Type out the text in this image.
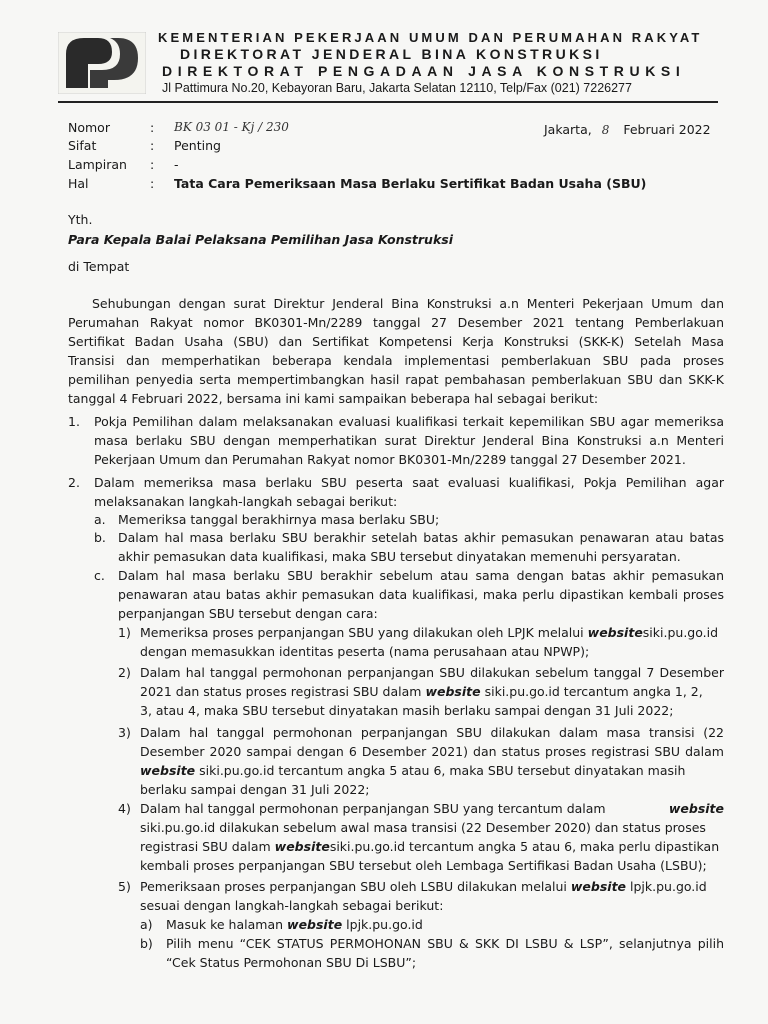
KEMENTERIAN PEKERJAAN UMUM DAN PERUMAHAN RAKYAT
DIREKTORAT JENDERAL BINA KONSTRUKSI
DIREKTORAT PENGADAAN JASA KONSTRUKSI
Jl Pattimura No.20, Kebayoran Baru, Jakarta Selatan 12110, Telp/Fax (021) 7226277
Nomor	: BK 03 01 - Kj / 230
Sifat	: Penting
Lampiran	: -
Hal	: Tata Cara Pemeriksaan Masa Berlaku Sertifikat Badan Usaha (SBU)
Jakarta, 8 Februari 2022
Yth.
Para Kepala Balai Pelaksana Pemilihan Jasa Konstruksi
di Tempat
Sehubungan dengan surat Direktur Jenderal Bina Konstruksi a.n Menteri Pekerjaan Umum dan
Perumahan Rakyat nomor BK0301-Mn/2289 tanggal 27 Desember 2021 tentang Pemberlakuan
Sertifikat Badan Usaha (SBU) dan Sertifikat Kompetensi Kerja Konstruksi (SKK-K) Setelah Masa
Transisi dan memperhatikan beberapa kendala implementasi pemberlakuan SBU pada proses
pemilihan penyedia serta mempertimbangkan hasil rapat pembahasan pemberlakuan SBU dan SKK-K
tanggal 4 Februari 2022, bersama ini kami sampaikan beberapa hal sebagai berikut:
1. Pokja Pemilihan dalam melaksanakan evaluasi kualifikasi terkait kepemilikan SBU agar memeriksa
masa berlaku SBU dengan memperhatikan surat Direktur Jenderal Bina Konstruksi a.n Menteri
Pekerjaan Umum dan Perumahan Rakyat nomor BK0301-Mn/2289 tanggal 27 Desember 2021.
2. Dalam memeriksa masa berlaku SBU peserta saat evaluasi kualifikasi, Pokja Pemilihan agar
melaksanakan langkah-langkah sebagai berikut:
a. Memeriksa tanggal berakhirnya masa berlaku SBU;
b. Dalam hal masa berlaku SBU berakhir setelah batas akhir pemasukan penawaran atau batas
akhir pemasukan data kualifikasi, maka SBU tersebut dinyatakan memenuhi persyaratan.
c. Dalam hal masa berlaku SBU berakhir sebelum atau sama dengan batas akhir pemasukan
penawaran atau batas akhir pemasukan data kualifikasi, maka perlu dipastikan kembali proses
perpanjangan SBU tersebut dengan cara:
1) Memeriksa proses perpanjangan SBU yang dilakukan oleh LPJK melalui websitesiki.pu.go.id
dengan memasukkan identitas peserta (nama perusahaan atau NPWP);
2) Dalam hal tanggal permohonan perpanjangan SBU dilakukan sebelum tanggal 7 Desember
2021 dan status proses registrasi SBU dalam website siki.pu.go.id tercantum angka 1, 2,
3, atau 4, maka SBU tersebut dinyatakan masih berlaku sampai dengan 31 Juli 2022;
3) Dalam hal tanggal permohonan perpanjangan SBU dilakukan dalam masa transisi (22
Desember 2020 sampai dengan 6 Desember 2021) dan status proses registrasi SBU dalam
website siki.pu.go.id tercantum angka 5 atau 6, maka SBU tersebut dinyatakan masih
berlaku sampai dengan 31 Juli 2022;
4) Dalam hal tanggal permohonan perpanjangan SBU yang tercantum dalam	website
siki.pu.go.id dilakukan sebelum awal masa transisi (22 Desember 2020) dan status proses
registrasi SBU dalam websitesiki.pu.go.id tercantum angka 5 atau 6, maka perlu dipastikan
kembali proses perpanjangan SBU tersebut oleh Lembaga Sertifikasi Badan Usaha (LSBU);
5) Pemeriksaan proses perpanjangan SBU oleh LSBU dilakukan melalui website lpjk.pu.go.id
sesuai dengan langkah-langkah sebagai berikut:
a) Masuk ke halaman website lpjk.pu.go.id
b) Pilih menu “CEK STATUS PERMOHONAN SBU & SKK DI LSBU & LSP”, selanjutnya pilih
“Cek Status Permohonan SBU Di LSBU”;
